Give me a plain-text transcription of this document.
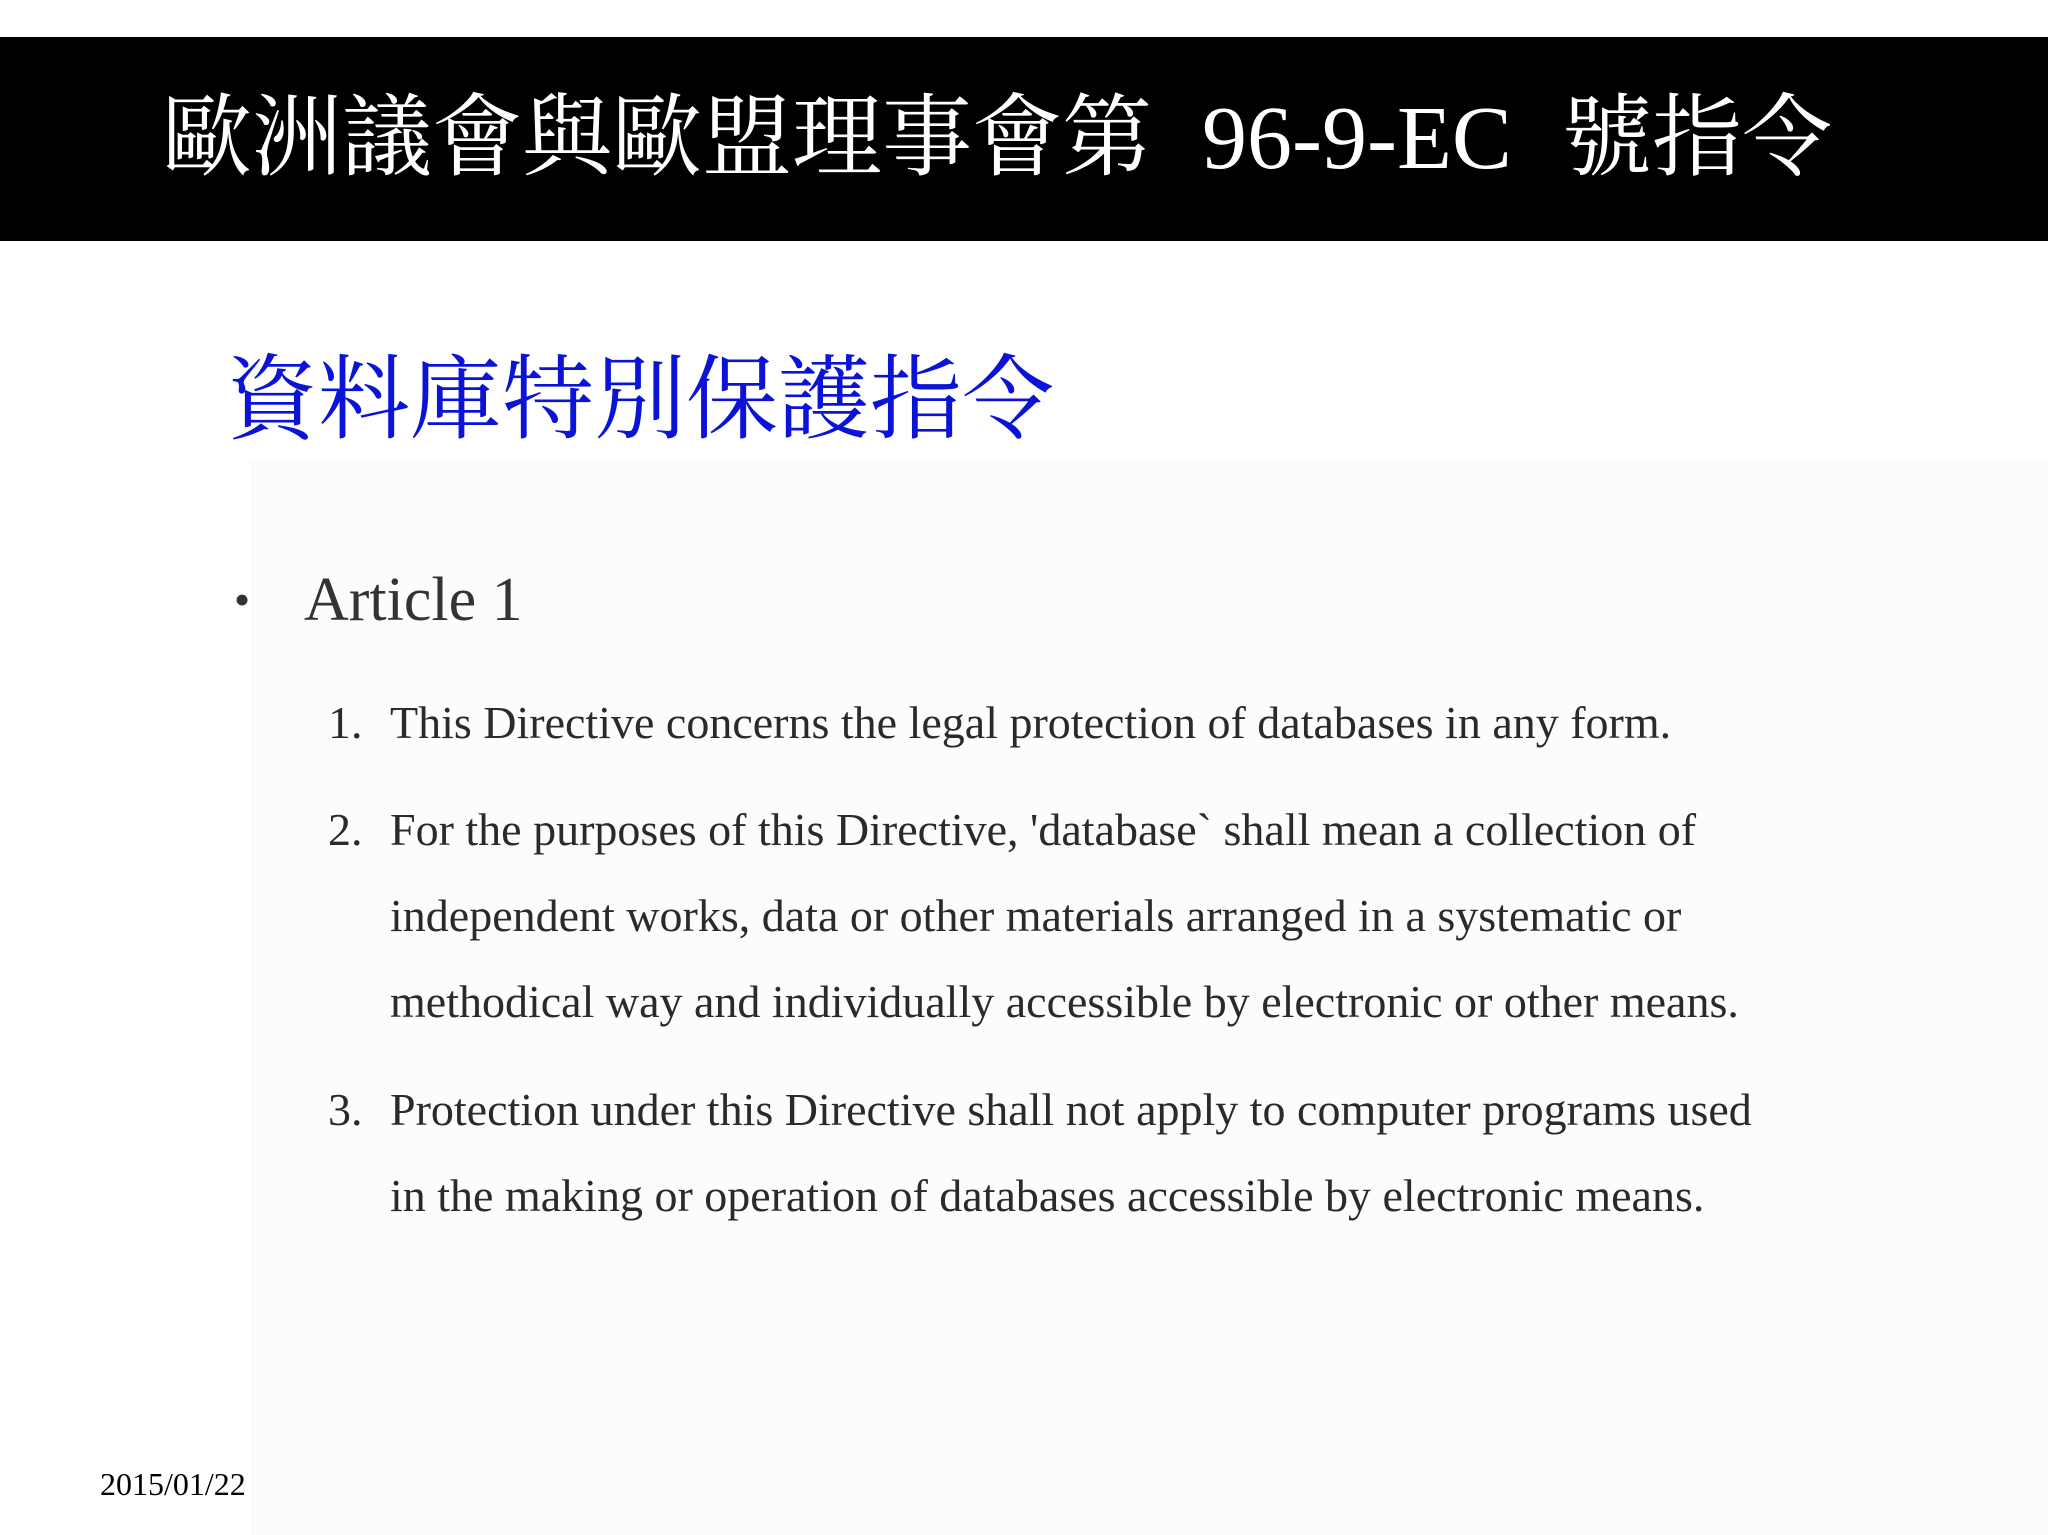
歐洲議會與歐盟理事會第 96-9-EC 號指令
資料庫特別保護指令
• Article 1
1. This Directive concerns the legal protection of databases in any form.
2. For the purposes of this Directive, 'database` shall mean a collection of
independent works, data or other materials arranged in a systematic or
methodical way and individually accessible by electronic or other means.
3. Protection under this Directive shall not apply to computer programs used
in the making or operation of databases accessible by electronic means.
2015/01/22
